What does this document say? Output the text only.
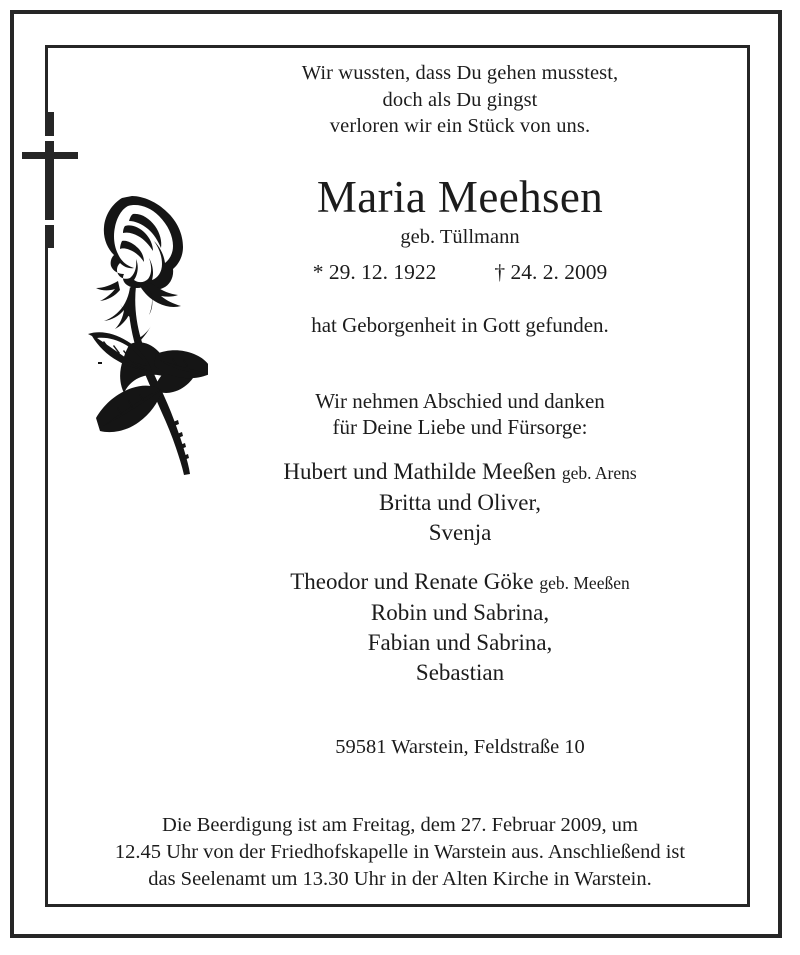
Wir wussten, dass Du gehen musstest,
doch als Du gingst
verloren wir ein Stück von uns.
Maria Meehsen
geb. Tüllmann
* 29. 12. 1922	† 24. 2. 2009
hat Geborgenheit in Gott gefunden.
Wir nehmen Abschied und danken
für Deine Liebe und Fürsorge:
Hubert und Mathilde Meeßen geb. Arens
Britta und Oliver,
Svenja
Theodor und Renate Göke geb. Meeßen
Robin und Sabrina,
Fabian und Sabrina,
Sebastian
59581 Warstein, Feldstraße 10
Die Beerdigung ist am Freitag, dem 27. Februar 2009, um
12.45 Uhr von der Friedhofskapelle in Warstein aus. Anschließend ist
das Seelenamt um 13.30 Uhr in der Alten Kirche in Warstein.
